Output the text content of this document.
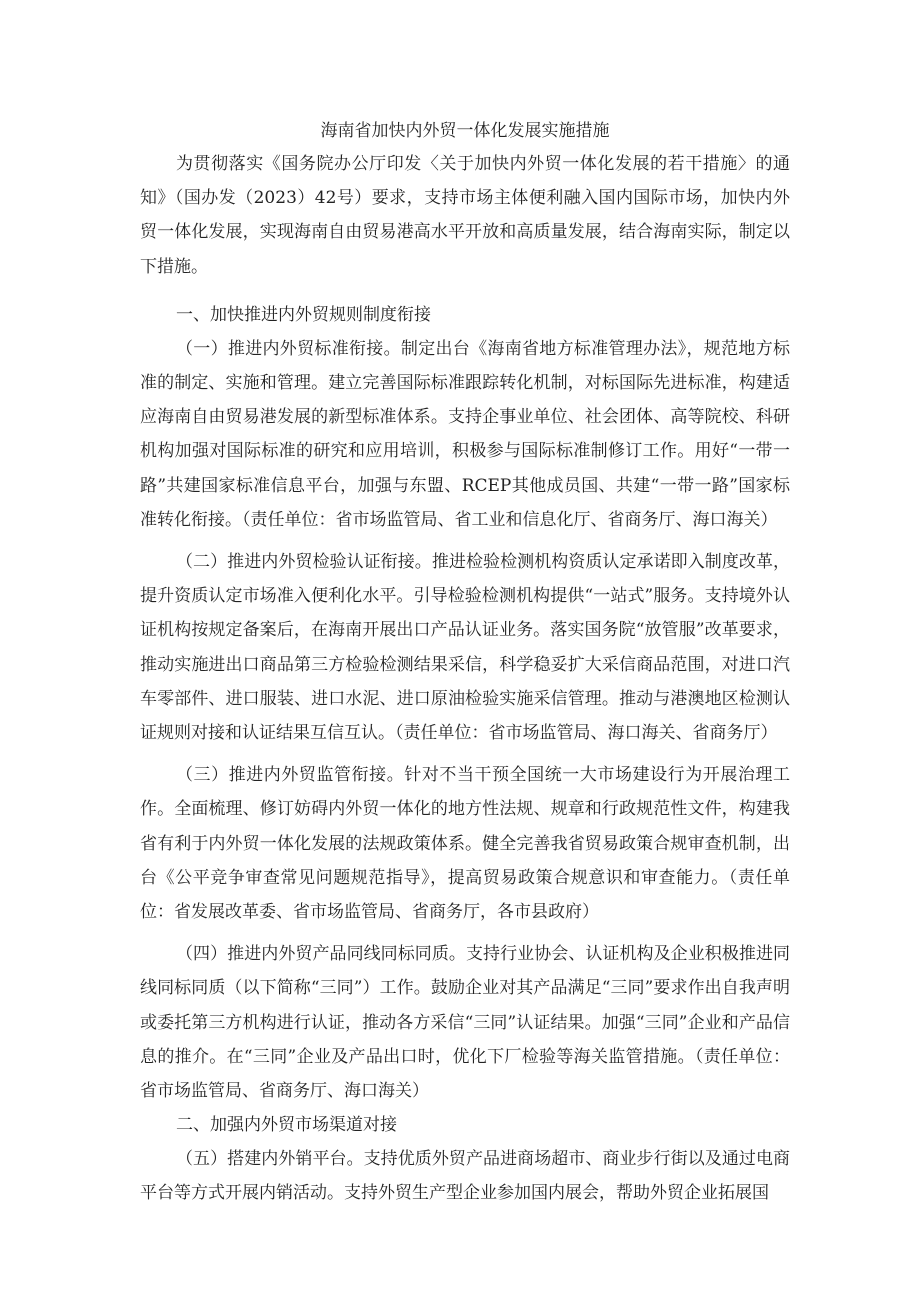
海南省加快内外贸一体化发展实施措施

为贯彻落实《国务院办公厅印发〈关于加快内外贸一体化发展的若干措施〉的通知》（国办发（2023）42号）要求，支持市场主体便利融入国内国际市场，加快内外贸一体化发展，实现海南自由贸易港高水平开放和高质量发展，结合海南实际，制定以下措施。

一、加快推进内外贸规则制度衔接

（一）推进内外贸标准衔接。制定出台《海南省地方标准管理办法》，规范地方标准的制定、实施和管理。建立完善国际标准跟踪转化机制，对标国际先进标准，构建适应海南自由贸易港发展的新型标准体系。支持企事业单位、社会团体、高等院校、科研机构加强对国际标准的研究和应用培训，积极参与国际标准制修订工作。用好“一带一路”共建国家标准信息平台，加强与东盟、RCEP其他成员国、共建“一带一路”国家标准转化衔接。（责任单位：省市场监管局、省工业和信息化厅、省商务厅、海口海关）

（二）推进内外贸检验认证衔接。推进检验检测机构资质认定承诺即入制度改革，提升资质认定市场准入便利化水平。引导检验检测机构提供“一站式”服务。支持境外认证机构按规定备案后，在海南开展出口产品认证业务。落实国务院“放管服”改革要求，推动实施进出口商品第三方检验检测结果采信，科学稳妥扩大采信商品范围，对进口汽车零部件、进口服装、进口水泥、进口原油检验实施采信管理。推动与港澳地区检测认证规则对接和认证结果互信互认。（责任单位：省市场监管局、海口海关、省商务厅）

（三）推进内外贸监管衔接。针对不当干预全国统一大市场建设行为开展治理工作。全面梳理、修订妨碍内外贸一体化的地方性法规、规章和行政规范性文件，构建我省有利于内外贸一体化发展的法规政策体系。健全完善我省贸易政策合规审查机制，出台《公平竞争审查常见问题规范指导》，提高贸易政策合规意识和审查能力。（责任单位：省发展改革委、省市场监管局、省商务厅，各市县政府）

（四）推进内外贸产品同线同标同质。支持行业协会、认证机构及企业积极推进同线同标同质（以下简称“三同”）工作。鼓励企业对其产品满足“三同”要求作出自我声明或委托第三方机构进行认证，推动各方采信“三同”认证结果。加强“三同”企业和产品信息的推介。在“三同”企业及产品出口时，优化下厂检验等海关监管措施。（责任单位：省市场监管局、省商务厅、海口海关）

二、加强内外贸市场渠道对接

（五）搭建内外销平台。支持优质外贸产品进商场超市、商业步行街以及通过电商平台等方式开展内销活动。支持外贸生产型企业参加国内展会，帮助外贸企业拓展国
